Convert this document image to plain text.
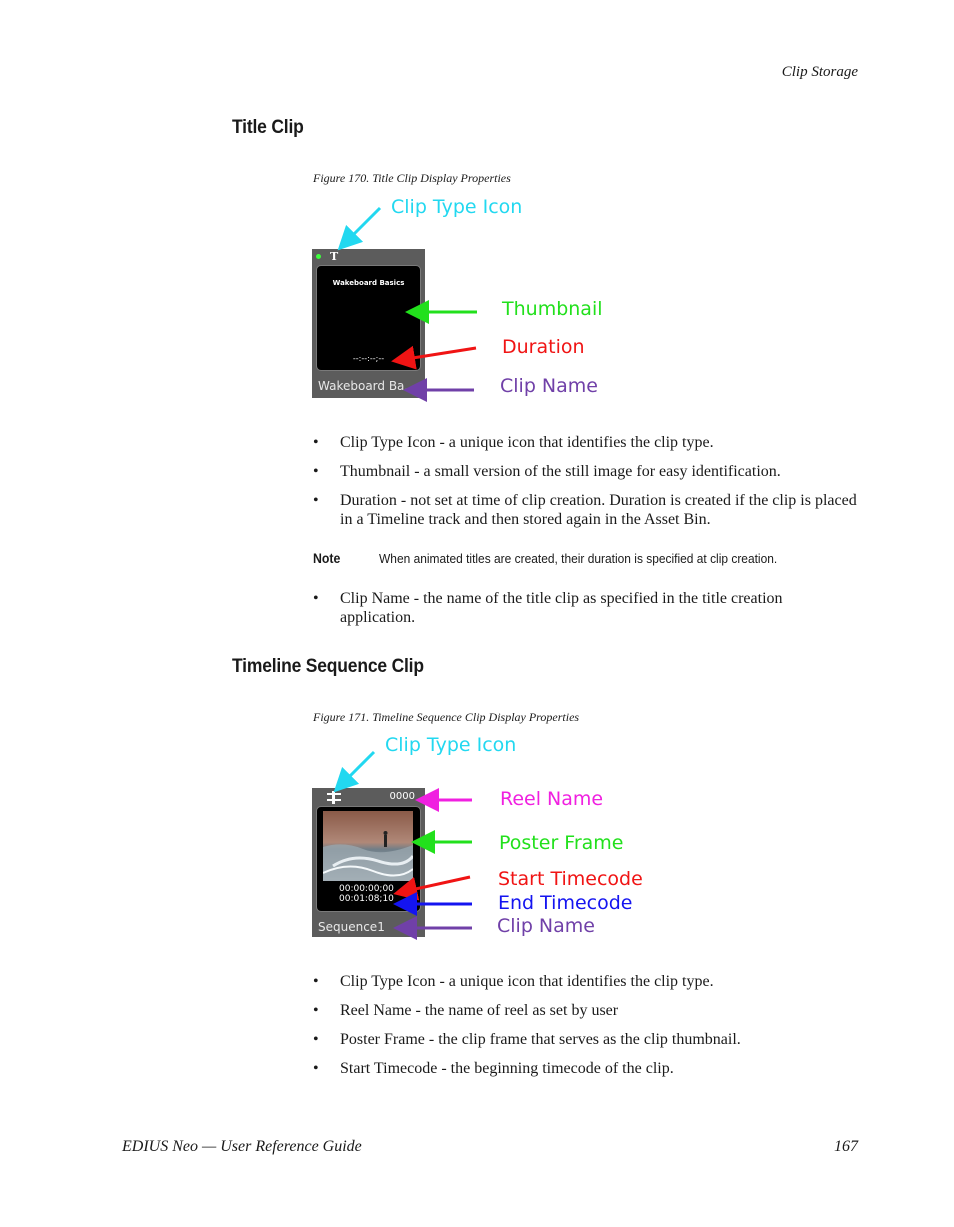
Clip Storage
Title Clip
Figure 170. Title Clip Display Properties
T
Wakeboard Basics
--:--:--;--
Wakeboard Ba...
Clip Type Icon
Thumbnail
Duration
Clip Name
• Clip Type Icon - a unique icon that identifies the clip type.
• Thumbnail - a small version of the still image for easy identification.
• Duration - not set at time of clip creation. Duration is created if the clip is placed in a Timeline track and then stored again in the Asset Bin.
Note	When animated titles are created, their duration is specified at clip creation.
• Clip Name - the name of the title clip as specified in the title creation application.
Timeline Sequence Clip
Figure 171. Timeline Sequence Clip Display Properties
0000
00:00:00;00
00:01:08;10
Sequence1
Clip Type Icon
Reel Name
Poster Frame
Start Timecode
End Timecode
Clip Name
• Clip Type Icon - a unique icon that identifies the clip type.
• Reel Name - the name of reel as set by user
• Poster Frame - the clip frame that serves as the clip thumbnail.
• Start Timecode - the beginning timecode of the clip.
EDIUS Neo — User Reference Guide	167
